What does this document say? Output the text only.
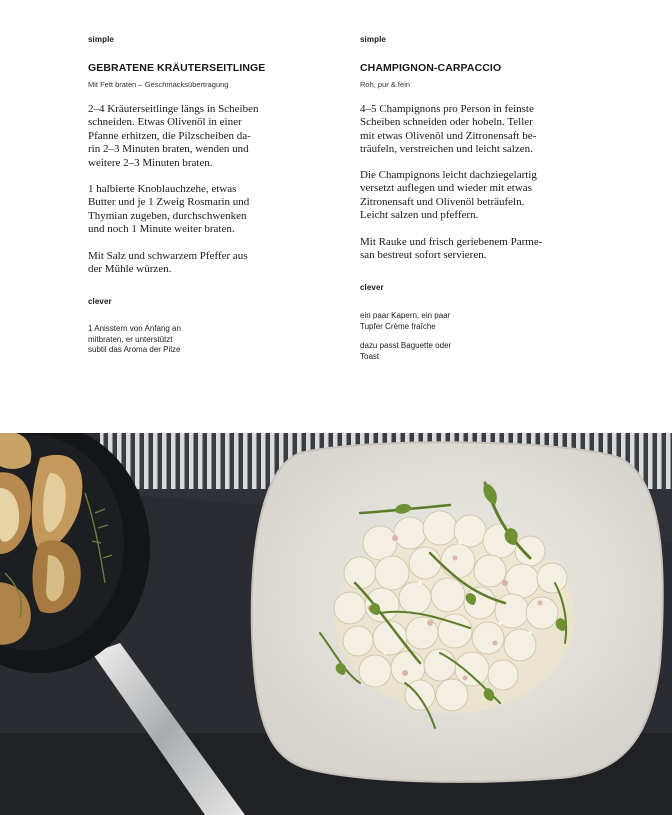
simple
GEBRATENE KRÄUTERSEITLINGE
Mit Fett braten – Geschmacksübertragung

2–4 Kräuterseitlinge längs in Scheiben
schneiden. Etwas Olivenöl in einer
Pfanne erhitzen, die Pilzscheiben da-
rin 2–3 Minuten braten, wenden und
weitere 2–3 Minuten braten.

1 halbierte Knoblauchzehe, etwas
Butter und je 1 Zweig Rosmarin und
Thymian zugeben, durchschwenken
und noch 1 Minute weiter braten.

Mit Salz und schwarzem Pfeffer aus
der Mühle würzen.

clever

1 Anisstern von Anfang an
mitbraten, er unterstützt
subtil das Aroma der Pilze

simple
CHAMPIGNON-CARPACCIO
Roh, pur & fein

4–5 Champignons pro Person in feinste
Scheiben schneiden oder hobeln. Teller
mit etwas Olivenöl und Zitronensaft be-
träufeln, verstreichen und leicht salzen.

Die Champignons leicht dachziegelartig
versetzt auflegen und wieder mit etwas
Zitronensaft und Olivenöl beträufeln.
Leicht salzen und pfeffern.

Mit Rauke und frisch geriebenem Parme-
san bestreut sofort servieren.

clever

ein paar Kapern, ein paar
Tupfer Crème fraîche

dazu passt Baguette oder
Toast
